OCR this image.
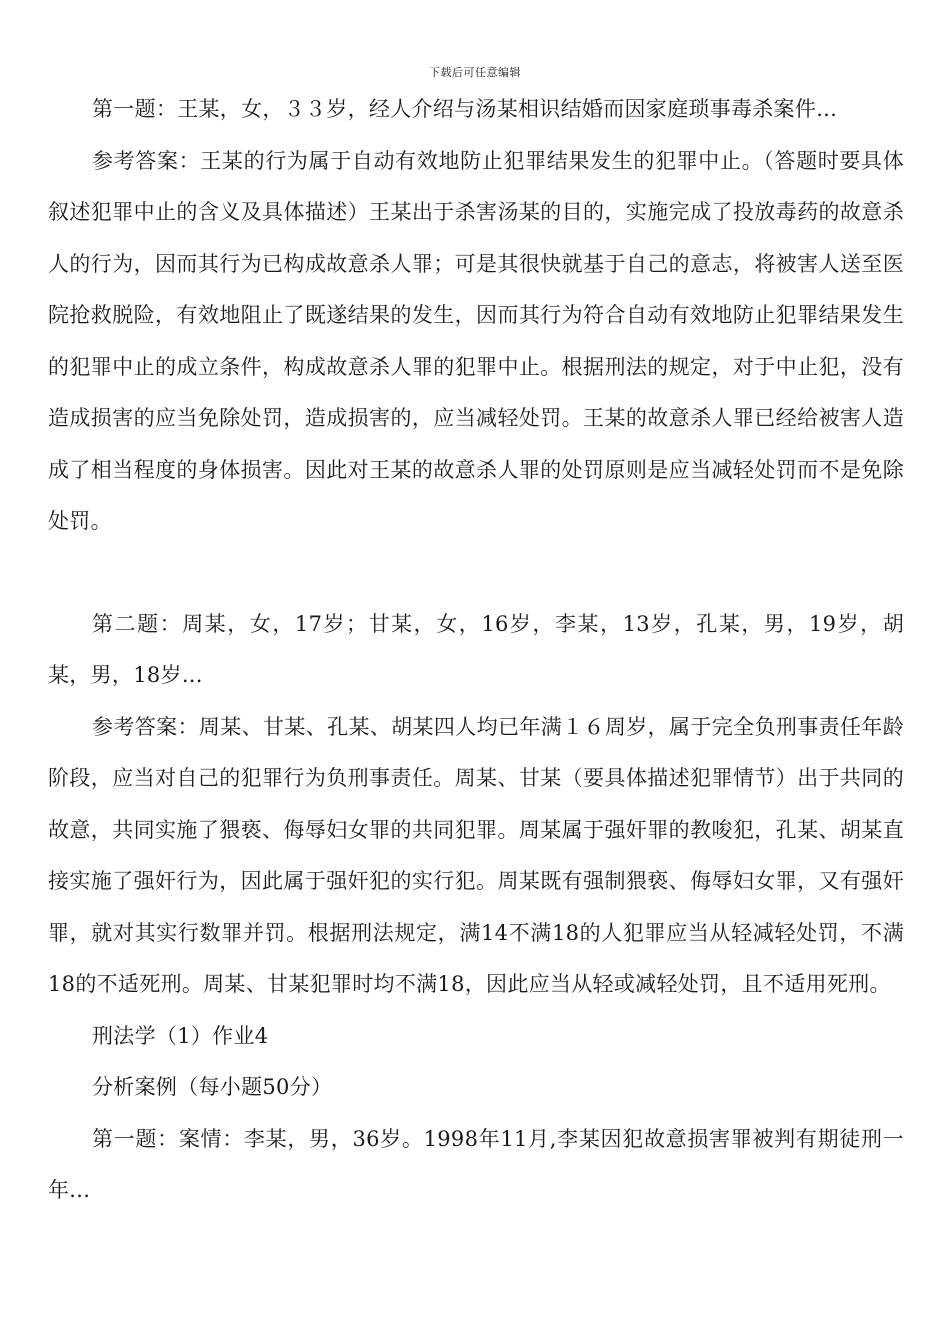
下载后可任意编辑

第一题：王某，女，３３岁，经人介绍与汤某相识结婚而因家庭琐事毒杀案件...

参考答案：王某的行为属于自动有效地防止犯罪结果发生的犯罪中止。（答题时要具体叙述犯罪中止的含义及具体描述）王某出于杀害汤某的目的，实施完成了投放毒药的故意杀人的行为，因而其行为已构成故意杀人罪；可是其很快就基于自己的意志，将被害人送至医院抢救脱险，有效地阻止了既遂结果的发生，因而其行为符合自动有效地防止犯罪结果发生的犯罪中止的成立条件，构成故意杀人罪的犯罪中止。根据刑法的规定，对于中止犯，没有造成损害的应当免除处罚，造成损害的，应当减轻处罚。王某的故意杀人罪已经给被害人造成了相当程度的身体损害。因此对王某的故意杀人罪的处罚原则是应当减轻处罚而不是免除处罚。

第二题：周某，女，17岁；甘某，女，16岁，李某，13岁，孔某，男，19岁，胡某，男，18岁...

参考答案：周某、甘某、孔某、胡某四人均已年满１６周岁，属于完全负刑事责任年龄阶段，应当对自己的犯罪行为负刑事责任。周某、甘某（要具体描述犯罪情节）出于共同的故意，共同实施了猥亵、侮辱妇女罪的共同犯罪。周某属于强奸罪的教唆犯，孔某、胡某直接实施了强奸行为，因此属于强奸犯的实行犯。周某既有强制猥亵、侮辱妇女罪，又有强奸罪，就对其实行数罪并罚。根据刑法规定，满14不满18的人犯罪应当从轻减轻处罚，不满18的不适死刑。周某、甘某犯罪时均不满18，因此应当从轻或减轻处罚，且不适用死刑。

刑法学（1）作业4

分析案例（每小题50分）

第一题：案情：李某，男，36岁。1998年11月,李某因犯故意损害罪被判有期徒刑一年...
